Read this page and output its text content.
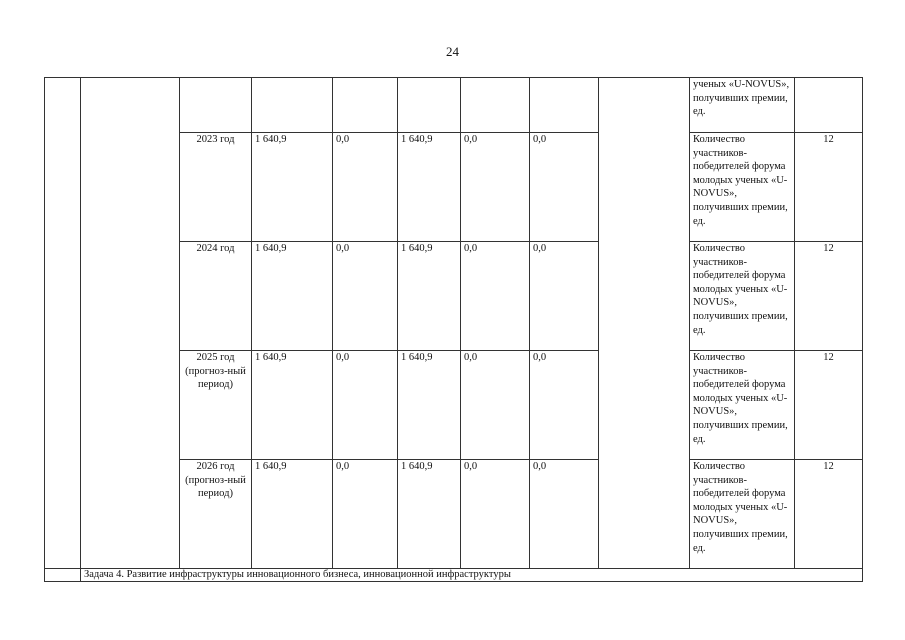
24
									ученых «U-NOVUS», получивших премии, ед.	
		2023 год	1 640,9	0,0	1 640,9	0,0	0,0		Количество участников-победителей форума молодых ученых «U-NOVUS», получивших премии, ед.	12
		2024 год	1 640,9	0,0	1 640,9	0,0	0,0		Количество участников-победителей форума молодых ученых «U-NOVUS», получивших премии, ед.	12
		2025 год (прогноз-ный период)	1 640,9	0,0	1 640,9	0,0	0,0		Количество участников-победителей форума молодых ученых «U-NOVUS», получивших премии, ед.	12
		2026 год (прогноз-ный период)	1 640,9	0,0	1 640,9	0,0	0,0		Количество участников-победителей форума молодых ученых «U-NOVUS», получивших премии, ед.	12
	Задача 4. Развитие инфраструктуры инновационного бизнеса, инновационной инфраструктуры									
